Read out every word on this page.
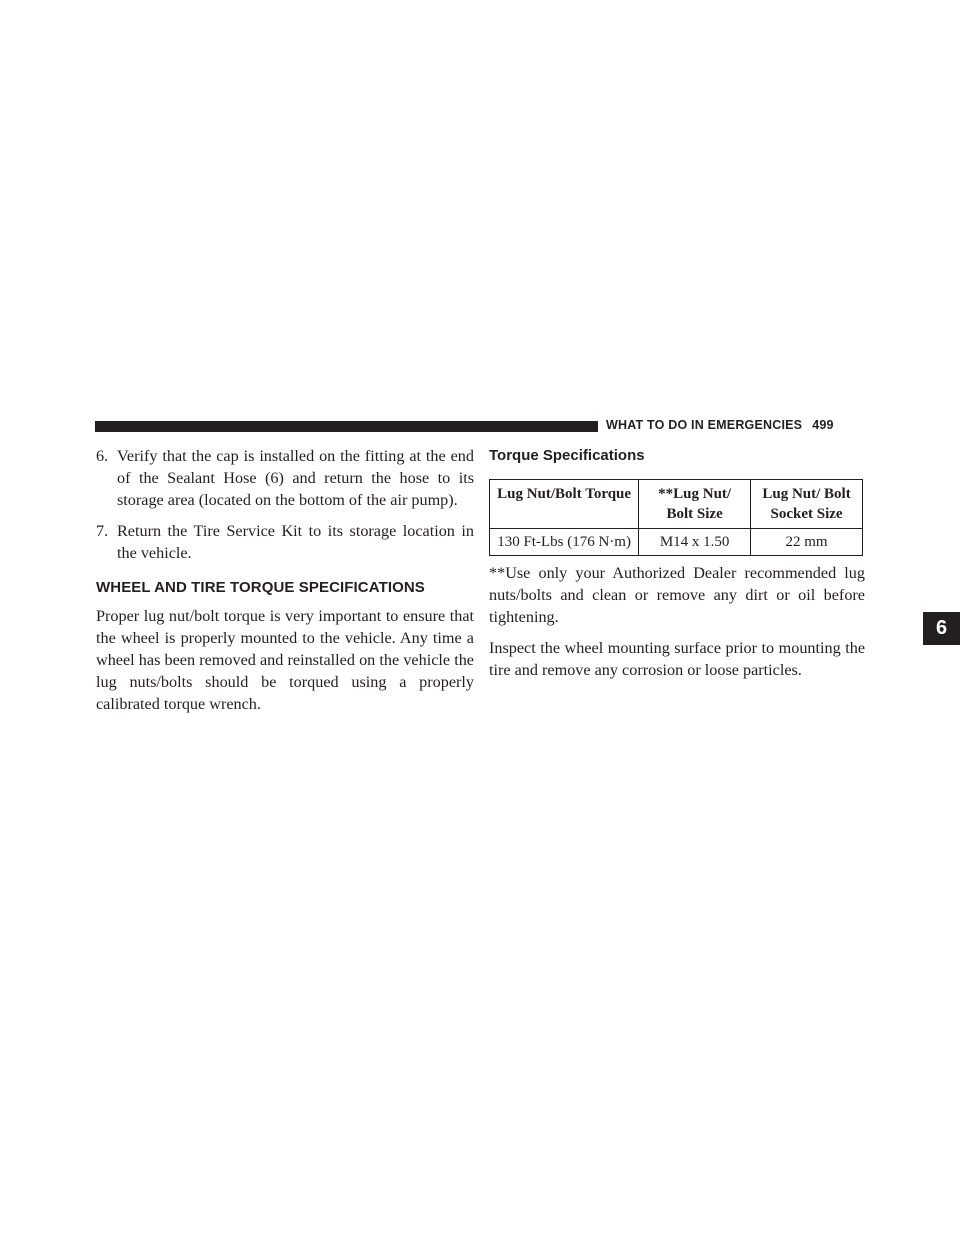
WHAT TO DO IN EMERGENCIES 499
6. Verify that the cap is installed on the fitting at the end of the Sealant Hose (6) and return the hose to its storage area (located on the bottom of the air pump).
7. Return the Tire Service Kit to its storage location in the vehicle.
WHEEL AND TIRE TORQUE SPECIFICATIONS

Proper lug nut/bolt torque is very important to ensure that the wheel is properly mounted to the vehicle. Any time a wheel has been removed and reinstalled on the vehicle the lug nuts/bolts should be torqued using a properly calibrated torque wrench.

Torque Specifications
Lug Nut/Bolt Torque	**Lug Nut/ Bolt Size	Lug Nut/ Bolt Socket Size
130 Ft-Lbs (176 N·m)	M14 x 1.50	22 mm

**Use only your Authorized Dealer recommended lug nuts/bolts and clean or remove any dirt or oil before tightening.

Inspect the wheel mounting surface prior to mounting the tire and remove any corrosion or loose particles.

6
